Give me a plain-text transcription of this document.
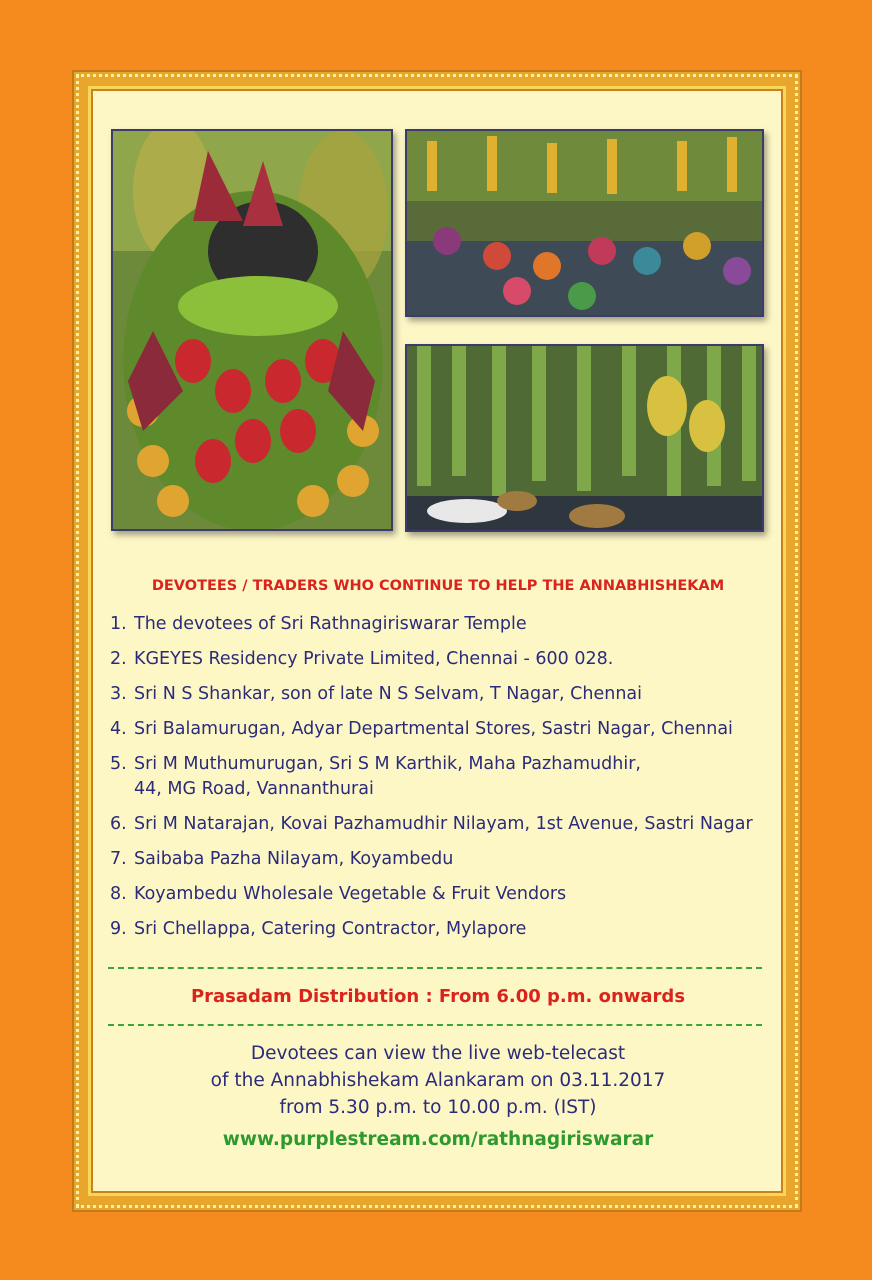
DEVOTEES / TRADERS WHO CONTINUE TO HELP THE ANNABHISHEKAM
1. The devotees of Sri Rathnagiriswarar Temple
2. KGEYES Residency Private Limited, Chennai - 600 028.
3. Sri N S Shankar, son of late N S Selvam, T Nagar, Chennai
4. Sri Balamurugan, Adyar Departmental Stores, Sastri Nagar, Chennai
5. Sri M Muthumurugan, Sri S M Karthik, Maha Pazhamudhir,
44, MG Road, Vannanthurai
6. Sri M Natarajan, Kovai Pazhamudhir Nilayam, 1st Avenue, Sastri Nagar
7. Saibaba Pazha Nilayam, Koyambedu
8. Koyambedu Wholesale Vegetable & Fruit Vendors
9. Sri Chellappa, Catering Contractor, Mylapore
Prasadam Distribution : From 6.00 p.m. onwards
Devotees can view the live web-telecast
of the Annabhishekam Alankaram on 03.11.2017
from 5.30 p.m. to 10.00 p.m. (IST)
www.purplestream.com/rathnagiriswarar
